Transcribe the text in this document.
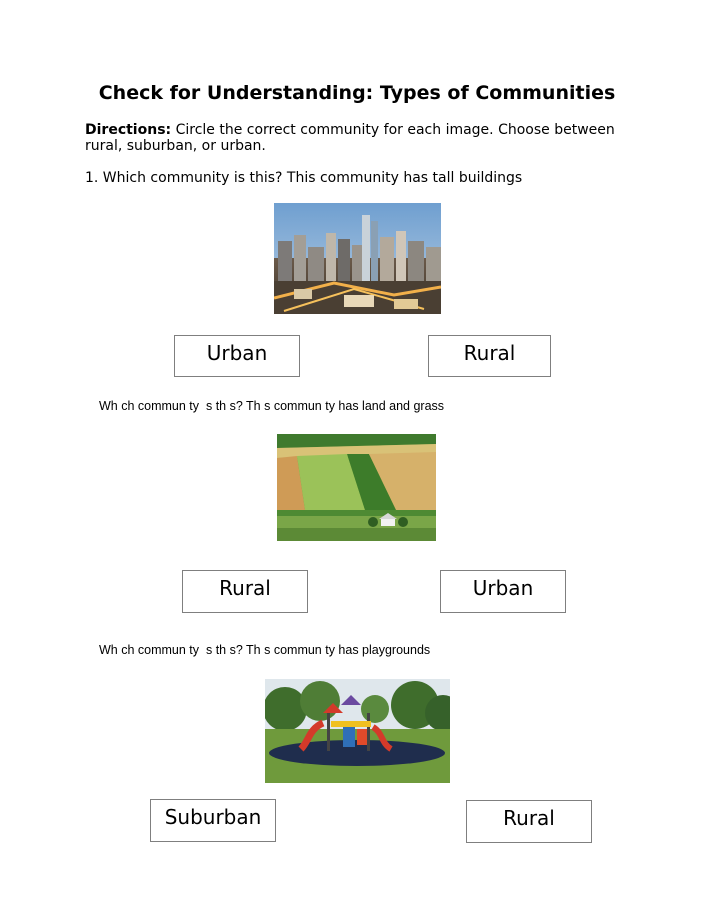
Check for Understanding: Types of Communities
Directions: Circle the correct community for each image. Choose between rural, suburban, or urban.
1. Which community is this? This community has tall buildings
Urban	Rural
Wh ch commun ty  s th s? Th s commun ty has land and grass
Rural	Urban
Wh ch commun ty  s th s? Th s commun ty has playgrounds
Suburban	Rural
